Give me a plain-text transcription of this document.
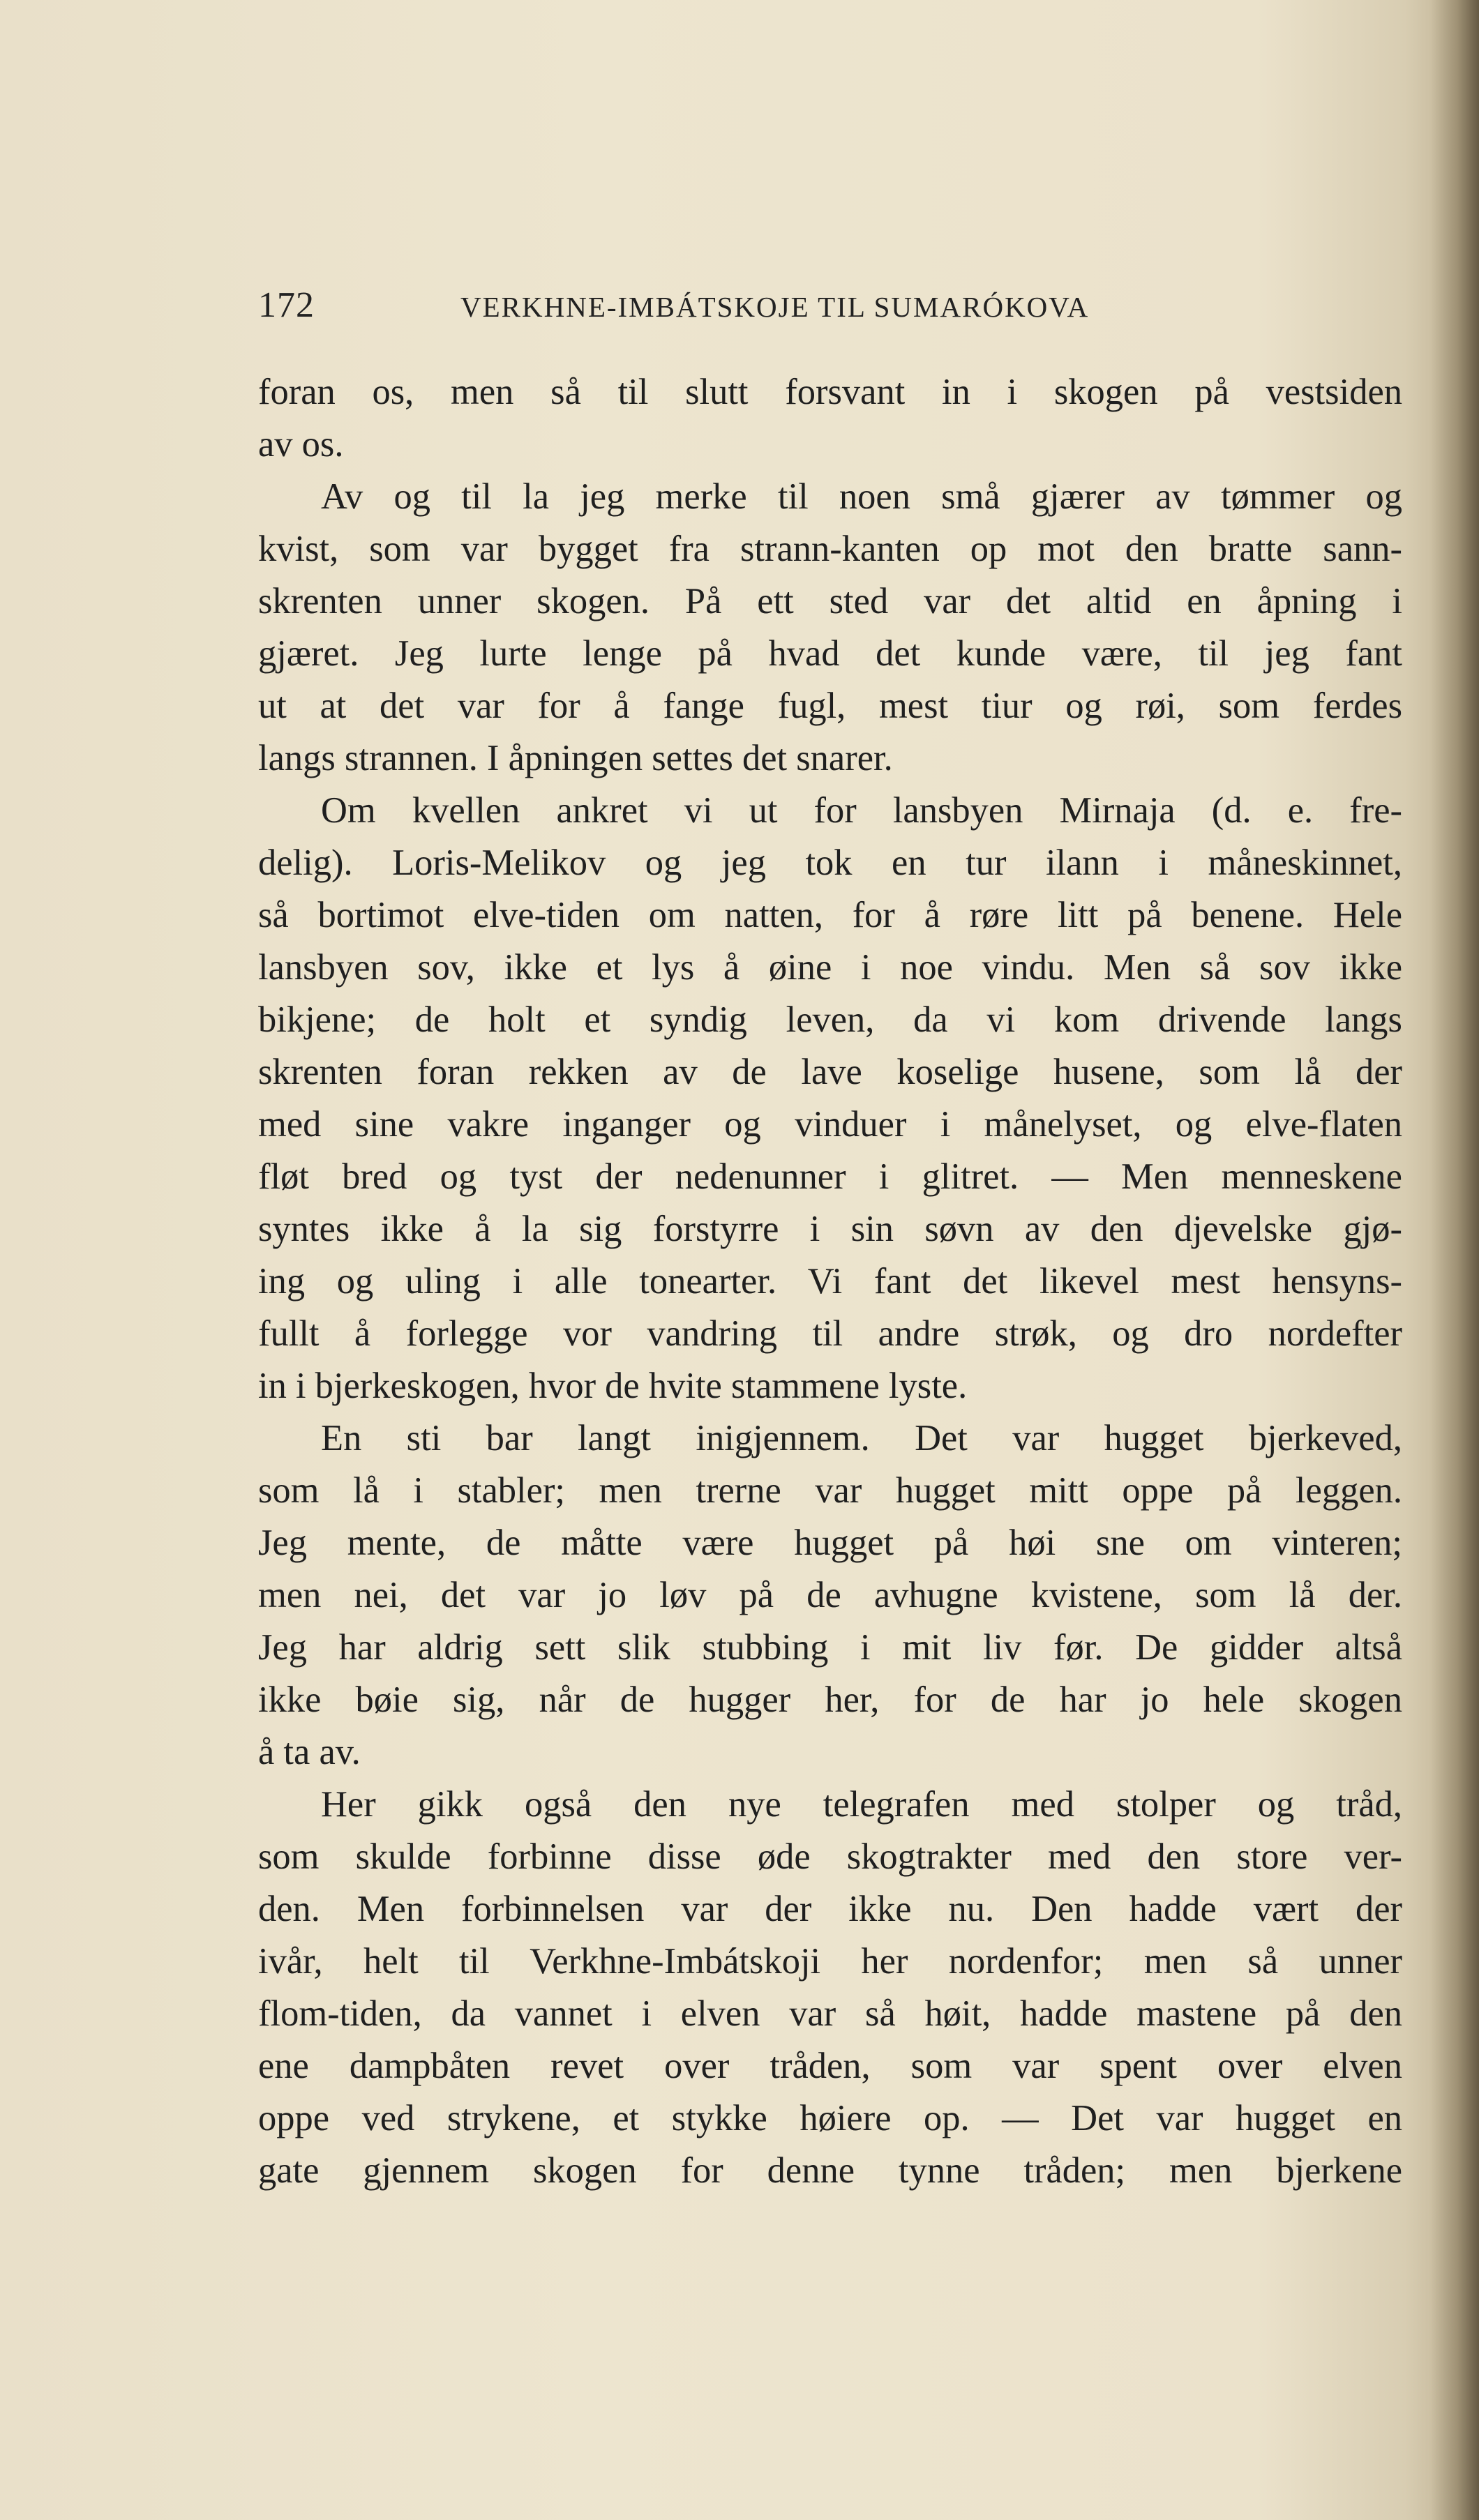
172	VERKHNE-IMBÁTSKOJE TIL SUMARÓKOVA
foran os, men så til slutt forsvant in i skogen på vestsiden
av os.
Av og til la jeg merke til noen små gjærer av tømmer og
kvist, som var bygget fra strann-kanten op mot den bratte sann-
skrenten unner skogen. På ett sted var det altid en åpning i
gjæret. Jeg lurte lenge på hvad det kunde være, til jeg fant
ut at det var for å fange fugl, mest tiur og røi, som ferdes
langs strannen. I åpningen settes det snarer.
Om kvellen ankret vi ut for lansbyen Mirnaja (d. e. fre-
delig). Loris-Melikov og jeg tok en tur ilann i måneskinnet,
så bortimot elve-tiden om natten, for å røre litt på benene. Hele
lansbyen sov, ikke et lys å øine i noe vindu. Men så sov ikke
bikjene; de holt et syndig leven, da vi kom drivende langs
skrenten foran rekken av de lave koselige husene, som lå der
med sine vakre inganger og vinduer i månelyset, og elve-flaten
fløt bred og tyst der nedenunner i glitret. — Men menneskene
syntes ikke å la sig forstyrre i sin søvn av den djevelske gjø-
ing og uling i alle tonearter. Vi fant det likevel mest hensyns-
fullt å forlegge vor vandring til andre strøk, og dro nordefter
in i bjerkeskogen, hvor de hvite stammene lyste.
En sti bar langt inigjennem. Det var hugget bjerkeved,
som lå i stabler; men trerne var hugget mitt oppe på leggen.
Jeg mente, de måtte være hugget på høi sne om vinteren;
men nei, det var jo løv på de avhugne kvistene, som lå der.
Jeg har aldrig sett slik stubbing i mit liv før. De gidder altså
ikke bøie sig, når de hugger her, for de har jo hele skogen
å ta av.
Her gikk også den nye telegrafen med stolper og tråd,
som skulde forbinne disse øde skogtrakter med den store ver-
den. Men forbinnelsen var der ikke nu. Den hadde vært der
ivår, helt til Verkhne-Imbátskoji her nordenfor; men så unner
flom-tiden, da vannet i elven var så høit, hadde mastene på den
ene dampbåten revet over tråden, som var spent over elven
oppe ved strykene, et stykke høiere op. — Det var hugget en
gate gjennem skogen for denne tynne tråden; men bjerkene
